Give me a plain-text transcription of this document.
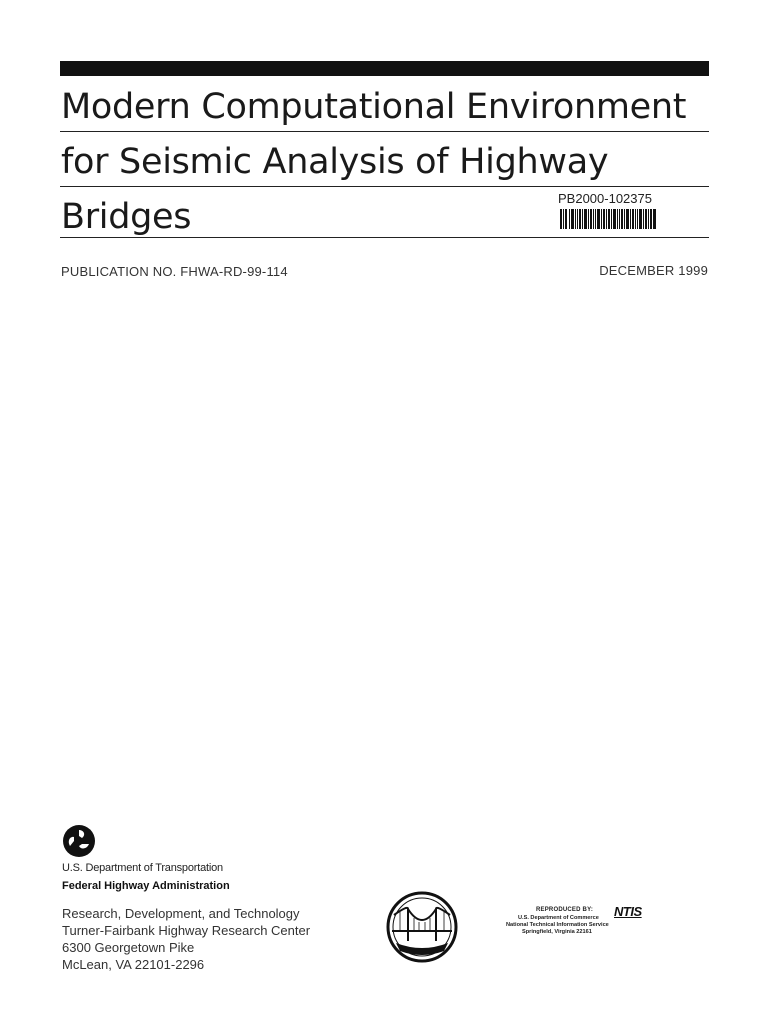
Modern Computational Environment
for Seismic Analysis of Highway
Bridges	PB2000-102375
PUBLICATION NO. FHWA-RD-99-114	DECEMBER 1999
U.S. Department of Transportation
Federal Highway Administration
Research, Development, and Technology
Turner-Fairbank Highway Research Center
6300 Georgetown Pike
McLean, VA 22101-2296
REPRODUCED BY: NTIS
U.S. Department of Commerce
National Technical Information Service
Springfield, Virginia 22161
